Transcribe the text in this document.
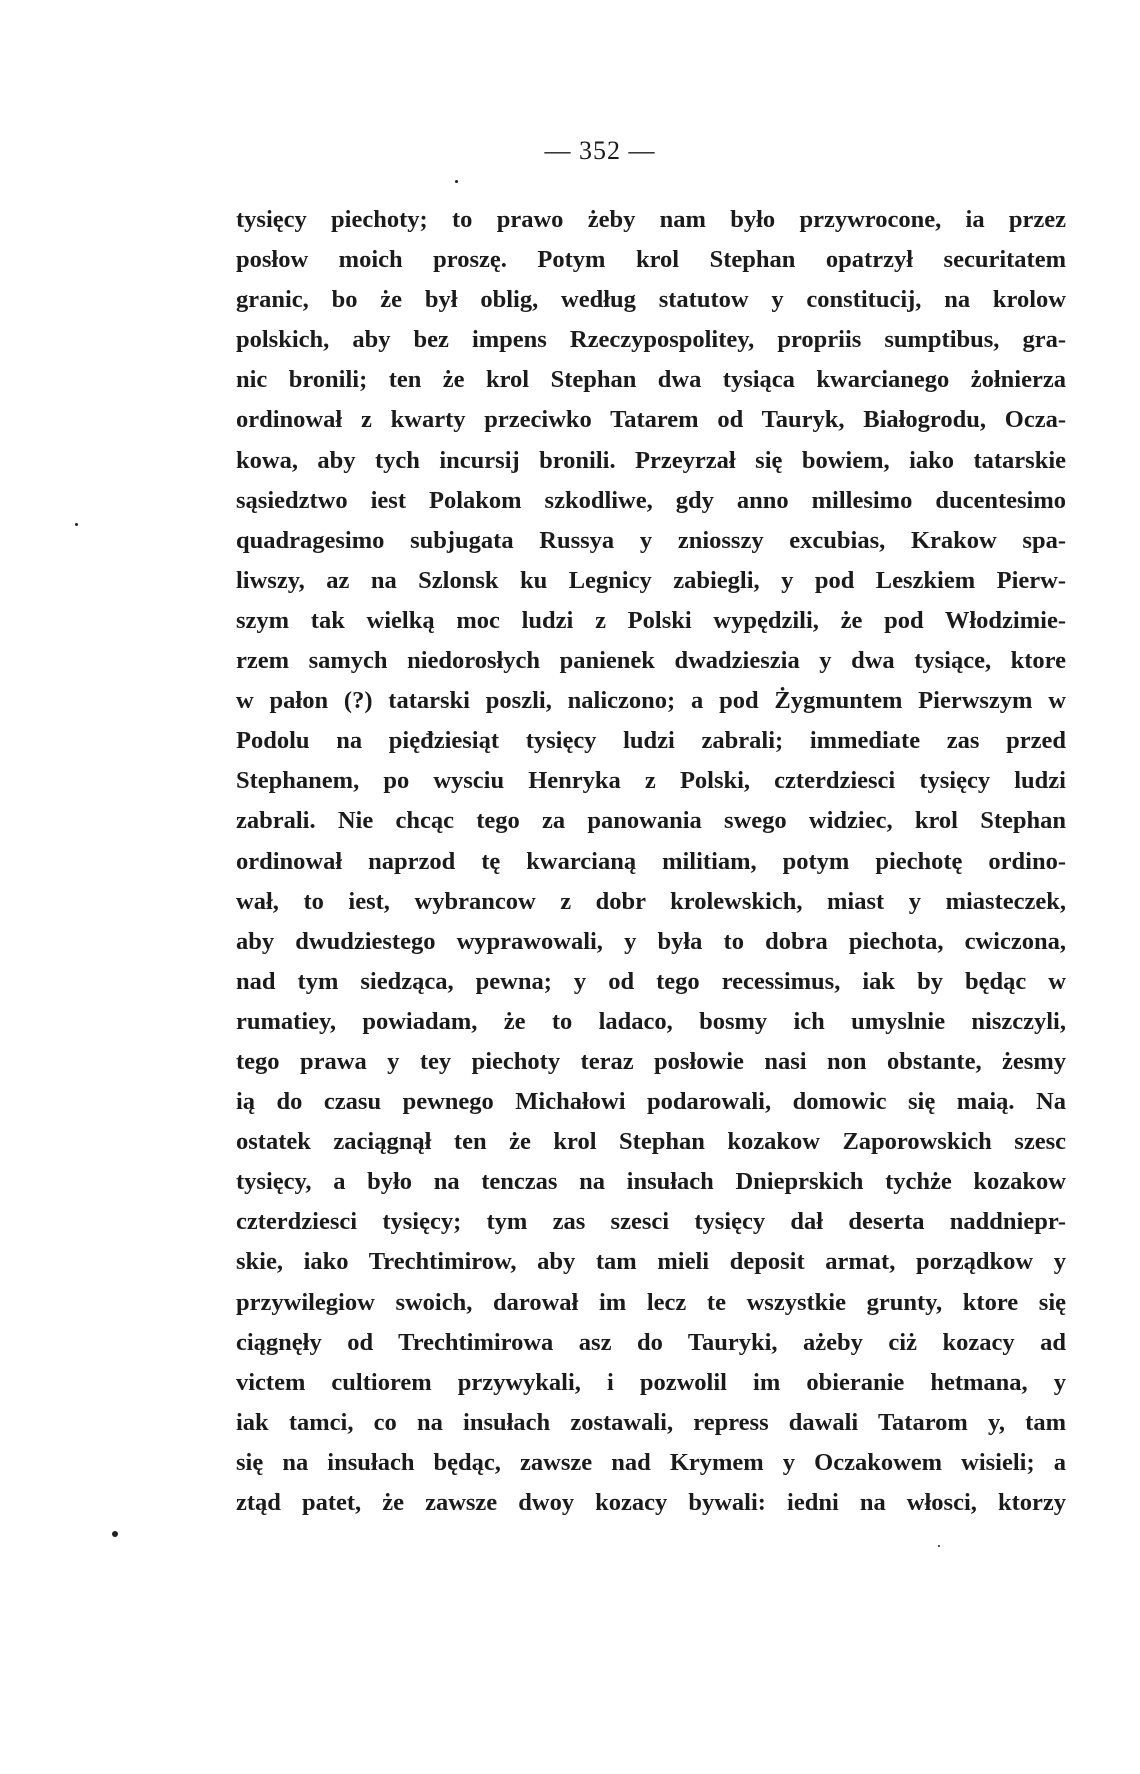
— 352 —
tysięcy piechoty; to prawo żeby nam było przywrocone, ia przez
posłow moich proszę. Potym krol Stephan opatrzył securitatem
granic, bo że był oblig, według statutow y constitucij, na krolow
polskich, aby bez impens Rzeczypospolitey, propriis sumptibus, gra-
nic bronili; ten że krol Stephan dwa tysiąca kwarcianego żołnierza
ordinował z kwarty przeciwko Tatarem od Tauryk, Białogrodu, Ocza-
kowa, aby tych incursij bronili. Przeyrzał się bowiem, iako tatarskie
sąsiedztwo iest Polakom szkodliwe, gdy anno millesimo ducentesimo
quadragesimo subjugata Russya y zniosszy excubias, Krakow spa-
liwszy, az na Szlonsk ku Legnicy zabiegli, y pod Leszkiem Pierw-
szym tak wielką moc ludzi z Polski wypędzili, że pod Włodzimie-
rzem samych niedorosłych panienek dwadzieszia y dwa tysiące, ktore
w pałon (?) tatarski poszli, naliczono; a pod Żygmuntem Pierwszym w
Podolu na pięđziesiąt tysięcy ludzi zabrali; immediate zas przed
Stephanem, po wysciu Henryka z Polski, czterdziesci tysięcy ludzi
zabrali. Nie chcąc tego za panowania swego widziec, krol Stephan
ordinował naprzod tę kwarcianą militiam, potym piechotę ordino-
wał, to iest, wybrancow z dobr krolewskich, miast y miasteczek,
aby dwudziestego wyprawowali, y była to dobra piechota, cwiczona,
nad tym siedząca, pewna; y od tego recessimus, iak by będąc w
rumatiey, powiadam, że to ladaco, bosmy ich umyslnie niszczyli,
tego prawa y tey piechoty teraz posłowie nasi non obstante, żesmy
ią do czasu pewnego Michałowi podarowali, domowic się maią. Na
ostatek zaciągnął ten że krol Stephan kozakow Zaporowskich szesc
tysięcy, a było na tenczas na insułach Dnieprskich tychże kozakow
czterdziesci tysięcy; tym zas szesci tysięcy dał deserta naddniepr-
skie, iako Trechtimirow, aby tam mieli deposit armat, porządkow y
przywilegiow swoich, darował im lecz te wszystkie grunty, ktore się
ciągnęły od Trechtimirowa asz do Tauryki, ażeby ciż kozacy ad
victem cultiorem przywykali, i pozwolil im obieranie hetmana, y
iak tamci, co na insułach zostawali, repress dawali Tatarom y, tam
się na insułach będąc, zawsze nad Krymem y Oczakowem wisieli; a
ztąd patet, że zawsze dwoy kozacy bywali: iedni na włosci, ktorzy
